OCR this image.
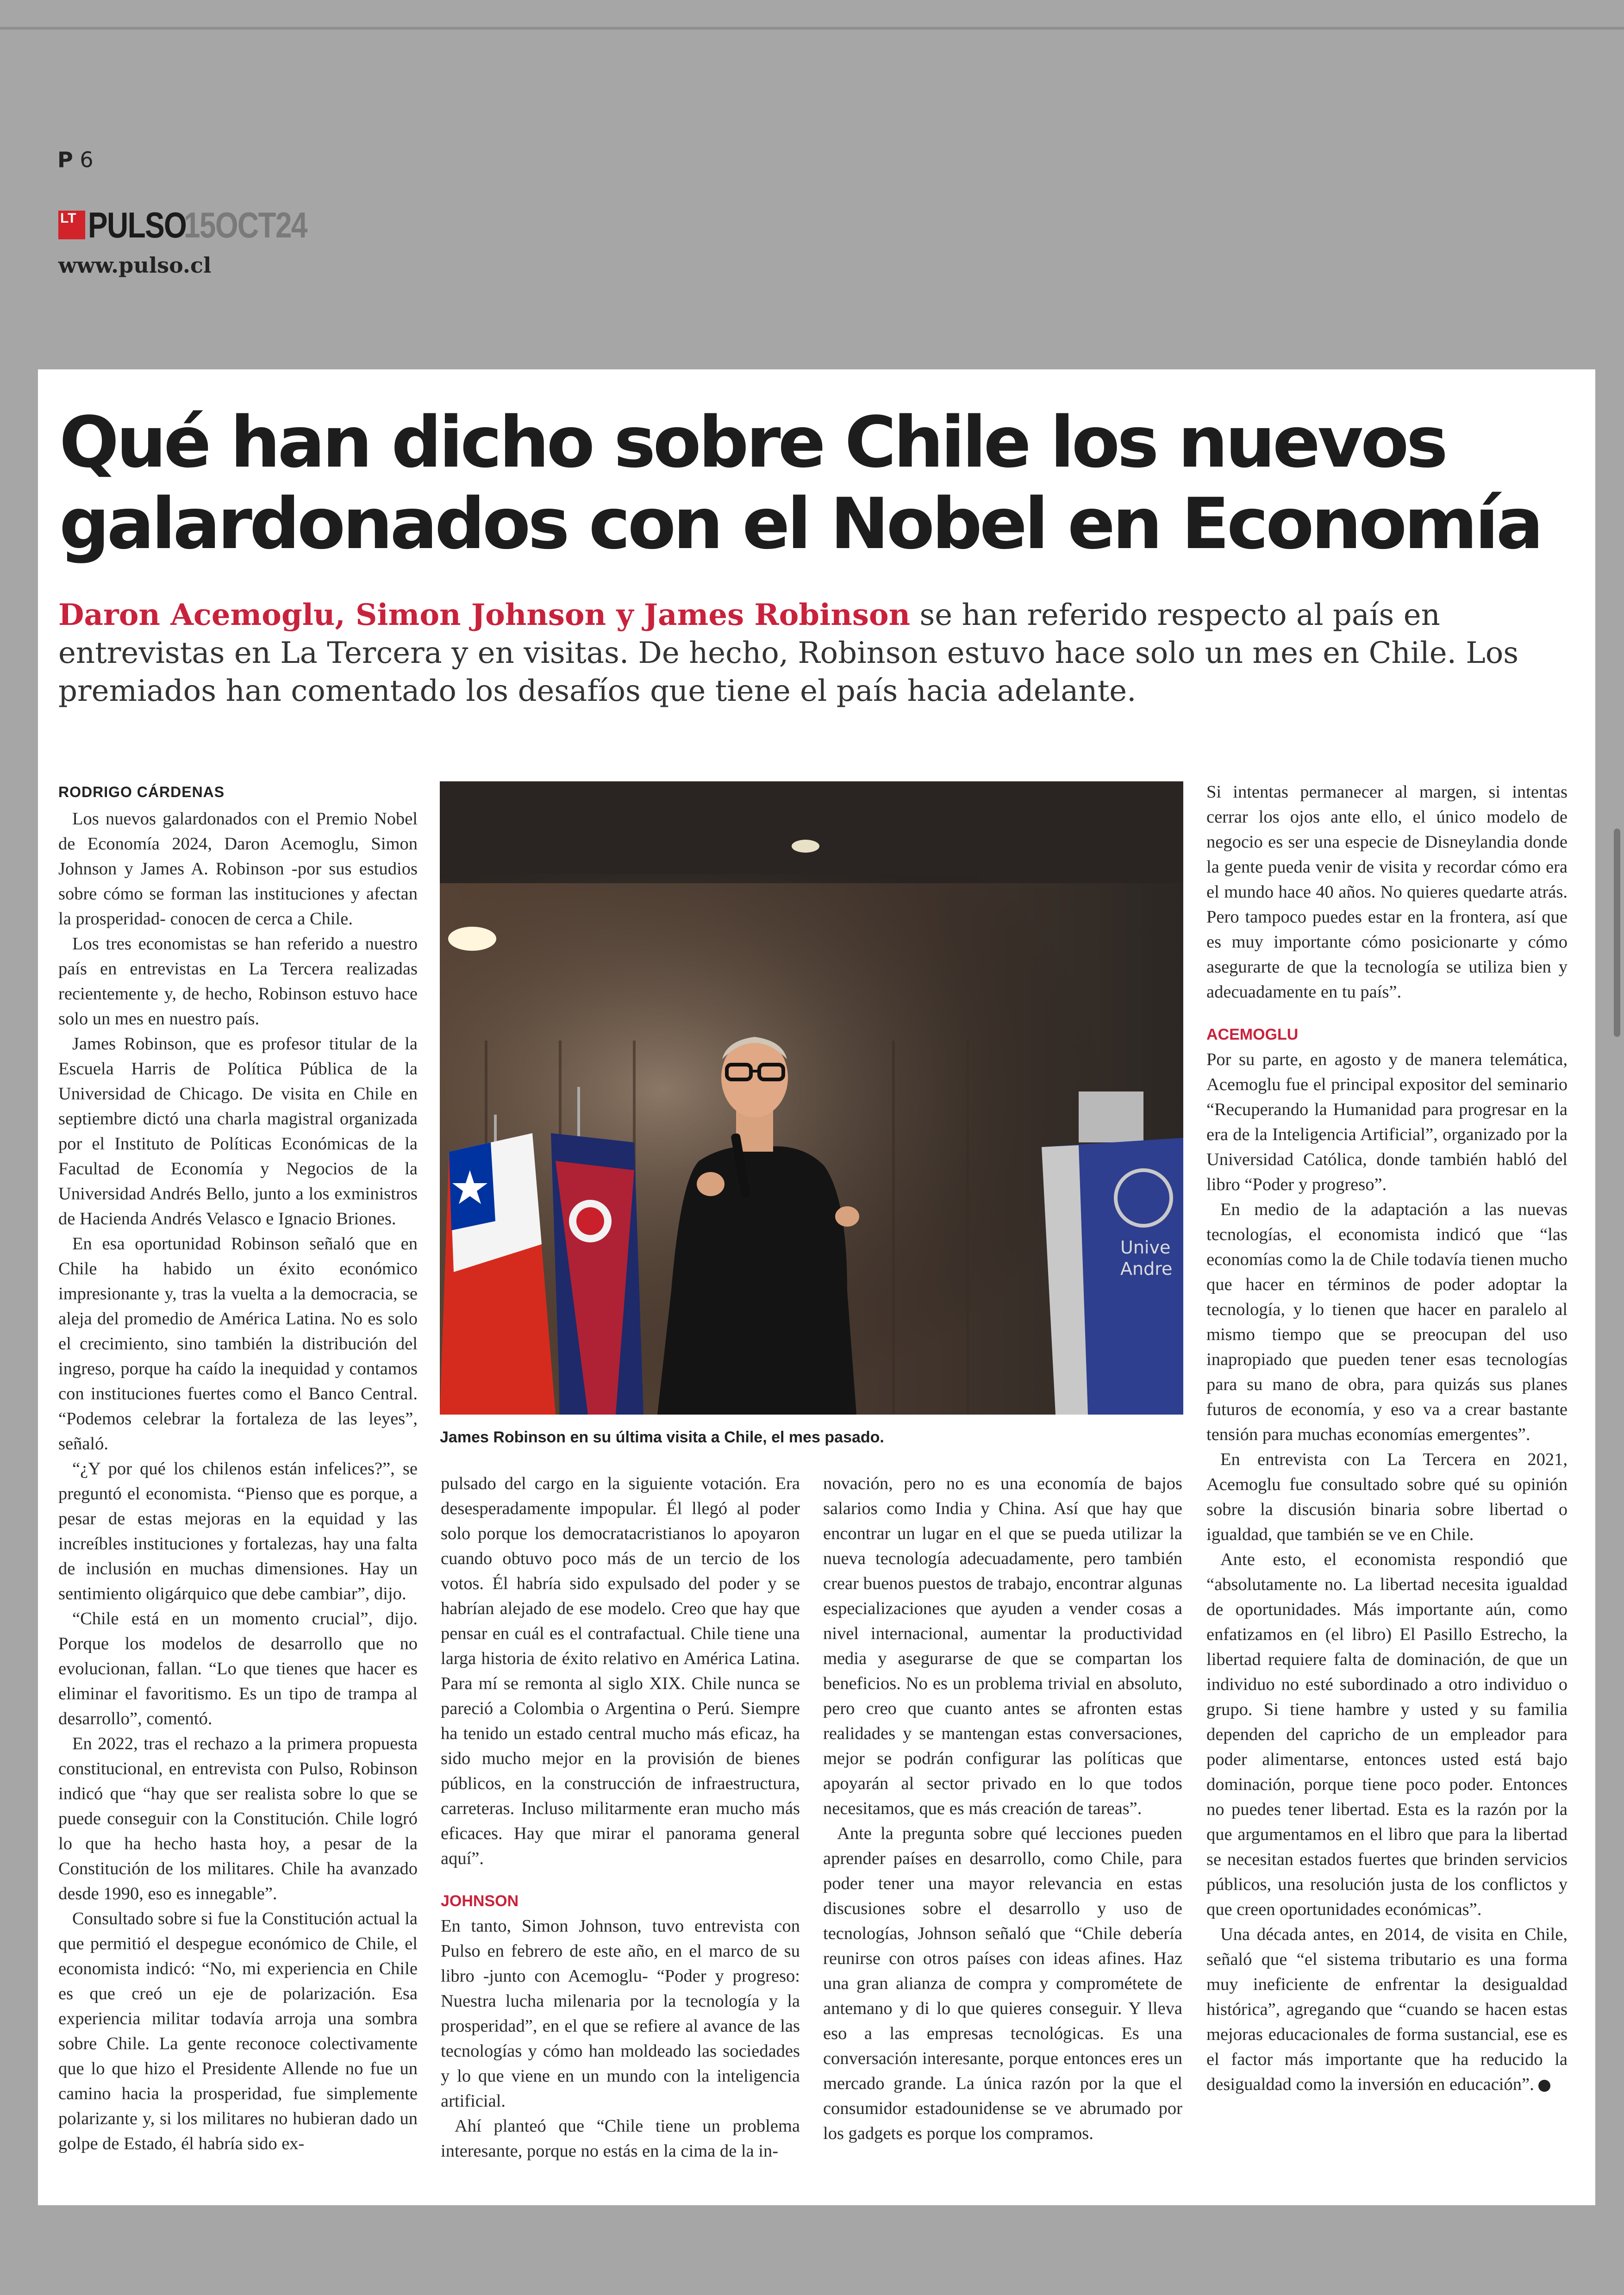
P 6
LT PULSO
15OCT24
www.pulso.cl
Qué han dicho sobre Chile los nuevos galardonados con el Nobel en Economía

Daron Acemoglu, Simon Johnson y James Robinson se han referido respecto al país en entrevistas en La Tercera y en visitas. De hecho, Robinson estuvo hace solo un mes en Chile. Los premiados han comentado los desafíos que tiene el país hacia adelante.

RODRIGO CÁRDENAS

Los nuevos galardonados con el Premio Nobel de Economía 2024, Daron Acemoglu, Simon Johnson y James A. Robinson -por sus estudios sobre cómo se forman las instituciones y afectan la prosperidad- conocen de cerca a Chile.

Los tres economistas se han referido a nuestro país en entrevistas en La Tercera realizadas recientemente y, de hecho, Robinson estuvo hace solo un mes en nuestro país.

James Robinson, que es profesor titular de la Escuela Harris de Política Pública de la Universidad de Chicago. De visita en Chile en septiembre dictó una charla magistral organizada por el Instituto de Políticas Económicas de la Facultad de Economía y Negocios de la Universidad Andrés Bello, junto a los exministros de Hacienda Andrés Velasco e Ignacio Briones.

En esa oportunidad Robinson señaló que en Chile ha habido un éxito económico impresionante y, tras la vuelta a la democracia, se aleja del promedio de América Latina. No es solo el crecimiento, sino también la distribución del ingreso, porque ha caído la inequidad y contamos con instituciones fuertes como el Banco Central. “Podemos celebrar la fortaleza de las leyes”, señaló.

“¿Y por qué los chilenos están infelices?”, se preguntó el economista. “Pienso que es porque, a pesar de estas mejoras en la equidad y las increíbles instituciones y fortalezas, hay una falta de inclusión en muchas dimensiones. Hay un sentimiento oligárquico que debe cambiar”, dijo.

“Chile está en un momento crucial”, dijo. Porque los modelos de desarrollo que no evolucionan, fallan. “Lo que tienes que hacer es eliminar el favoritismo. Es un tipo de trampa al desarrollo”, comentó.

En 2022, tras el rechazo a la primera propuesta constitucional, en entrevista con Pulso, Robinson indicó que “hay que ser realista sobre lo que se puede conseguir con la Constitución. Chile logró lo que ha hecho hasta hoy, a pesar de la Constitución de los militares. Chile ha avanzado desde 1990, eso es innegable”.

Consultado sobre si fue la Constitución actual la que permitió el despegue económico de Chile, el economista indicó: “No, mi experiencia en Chile es que creó un eje de polarización. Esa experiencia militar todavía arroja una sombra sobre Chile. La gente reconoce colectivamente que lo que hizo el Presidente Allende no fue un camino hacia la prosperidad, fue simplemente polarizante y, si los militares no hubieran dado un golpe de Estado, él habría sido ex-

Unive
Andre
James Robinson en su última visita a Chile, el mes pasado.

pulsado del cargo en la siguiente votación. Era desesperadamente impopular. Él llegó al poder solo porque los democratacristianos lo apoyaron cuando obtuvo poco más de un tercio de los votos. Él habría sido expulsado del poder y se habrían alejado de ese modelo. Creo que hay que pensar en cuál es el contrafactual. Chile tiene una larga historia de éxito relativo en América Latina. Para mí se remonta al siglo XIX. Chile nunca se pareció a Colombia o Argentina o Perú. Siempre ha tenido un estado central mucho más eficaz, ha sido mucho mejor en la provisión de bienes públicos, en la construcción de infraestructura, carreteras. Incluso militarmente eran mucho más eficaces. Hay que mirar el panorama general aquí”.

JOHNSON

En tanto, Simon Johnson, tuvo entrevista con Pulso en febrero de este año, en el marco de su libro -junto con Acemoglu- “Poder y progreso: Nuestra lucha milenaria por la tecnología y la prosperidad”, en el que se refiere al avance de las tecnologías y cómo han moldeado las sociedades y lo que viene en un mundo con la inteligencia artificial.

Ahí planteó que “Chile tiene un problema interesante, porque no estás en la cima de la in-

novación, pero no es una economía de bajos salarios como India y China. Así que hay que encontrar un lugar en el que se pueda utilizar la nueva tecnología adecuadamente, pero también crear buenos puestos de trabajo, encontrar algunas especializaciones que ayuden a vender cosas a nivel internacional, aumentar la productividad media y asegurarse de que se compartan los beneficios. No es un problema trivial en absoluto, pero creo que cuanto antes se afronten estas realidades y se mantengan estas conversaciones, mejor se podrán configurar las políticas que apoyarán al sector privado en lo que todos necesitamos, que es más creación de tareas”.

Ante la pregunta sobre qué lecciones pueden aprender países en desarrollo, como Chile, para poder tener una mayor relevancia en estas discusiones sobre el desarrollo y uso de tecnologías, Johnson señaló que “Chile debería reunirse con otros países con ideas afines. Haz una gran alianza de compra y comprométete de antemano y di lo que quieres conseguir. Y lleva eso a las empresas tecnológicas. Es una conversación interesante, porque entonces eres un mercado grande. La única razón por la que el consumidor estadounidense se ve abrumado por los gadgets es porque los compramos.

Si intentas permanecer al margen, si intentas cerrar los ojos ante ello, el único modelo de negocio es ser una especie de Disneylandia donde la gente pueda venir de visita y recordar cómo era el mundo hace 40 años. No quieres quedarte atrás. Pero tampoco puedes estar en la frontera, así que es muy importante cómo posicionarte y cómo asegurarte de que la tecnología se utiliza bien y adecuadamente en tu país”.

ACEMOGLU

Por su parte, en agosto y de manera telemática, Acemoglu fue el principal expositor del seminario “Recuperando la Humanidad para progresar en la era de la Inteligencia Artificial”, organizado por la Universidad Católica, donde también habló del libro “Poder y progreso”.

En medio de la adaptación a las nuevas tecnologías, el economista indicó que “las economías como la de Chile todavía tienen mucho que hacer en términos de poder adoptar la tecnología, y lo tienen que hacer en paralelo al mismo tiempo que se preocupan del uso inapropiado que pueden tener esas tecnologías para su mano de obra, para quizás sus planes futuros de economía, y eso va a crear bastante tensión para muchas economías emergentes”.

En entrevista con La Tercera en 2021, Acemoglu fue consultado sobre qué su opinión sobre la discusión binaria sobre libertad o igualdad, que también se ve en Chile.

Ante esto, el economista respondió que “absolutamente no. La libertad necesita igualdad de oportunidades. Más importante aún, como enfatizamos en (el libro) El Pasillo Estrecho, la libertad requiere falta de dominación, de que un individuo no esté subordinado a otro individuo o grupo. Si tiene hambre y usted y su familia dependen del capricho de un empleador para poder alimentarse, entonces usted está bajo dominación, porque tiene poco poder. Entonces no puedes tener libertad. Esta es la razón por la que argumentamos en el libro que para la libertad se necesitan estados fuertes que brinden servicios públicos, una resolución justa de los conflictos y que creen oportunidades económicas”.

Una década antes, en 2014, de visita en Chile, señaló que “el sistema tributario es una forma muy ineficiente de enfrentar la desigualdad histórica”, agregando que “cuando se hacen estas mejoras educacionales de forma sustancial, ese es el factor más importante que ha reducido la desigualdad como la inversión en educación”. P
